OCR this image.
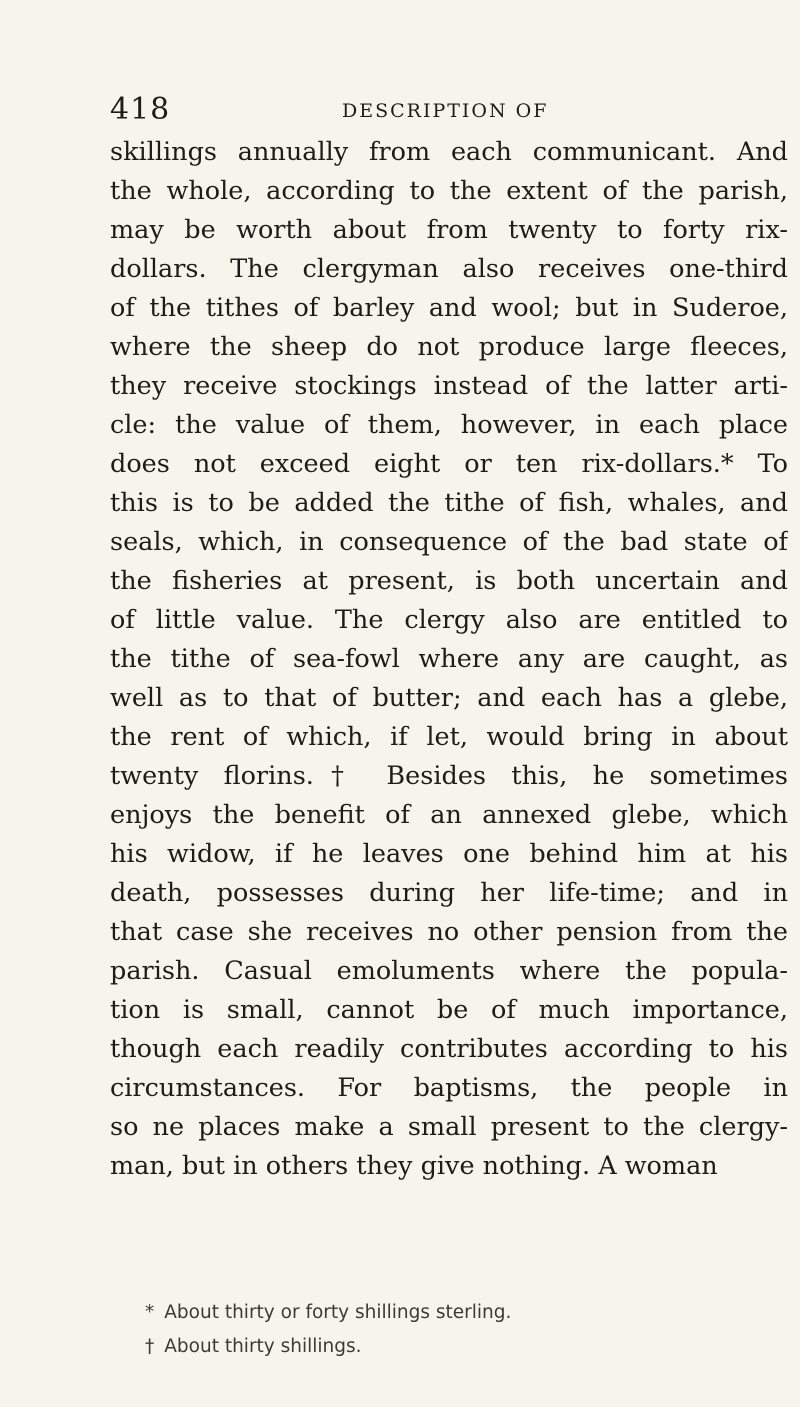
418	DESCRIPTION OF
skillings annually from each communicant. And
the whole, according to the extent of the parish,
may be worth about from twenty to forty rix-
dollars. The clergyman also receives one-third
of the tithes of barley and wool; but in Suderoe,
where the sheep do not produce large fleeces,
they receive stockings instead of the latter arti-
cle: the value of them, however, in each place
does not exceed eight or ten rix-dollars.* To
this is to be added the tithe of fish, whales, and
seals, which, in consequence of the bad state of
the fisheries at present, is both uncertain and
of little value. The clergy also are entitled to
the tithe of sea-fowl where any are caught, as
well as to that of butter; and each has a glebe,
the rent of which, if let, would bring in about
twenty florins.† Besides this, he sometimes
enjoys the benefit of an annexed glebe, which
his widow, if he leaves one behind him at his
death, possesses during her life-time; and in
that case she receives no other pension from the
parish. Casual emoluments where the popula-
tion is small, cannot be of much importance,
though each readily contributes according to his
circumstances. For baptisms, the people in
so ne places make a small present to the clergy-
man, but in others they give nothing. A woman
* About thirty or forty shillings sterling.
† About thirty shillings.
